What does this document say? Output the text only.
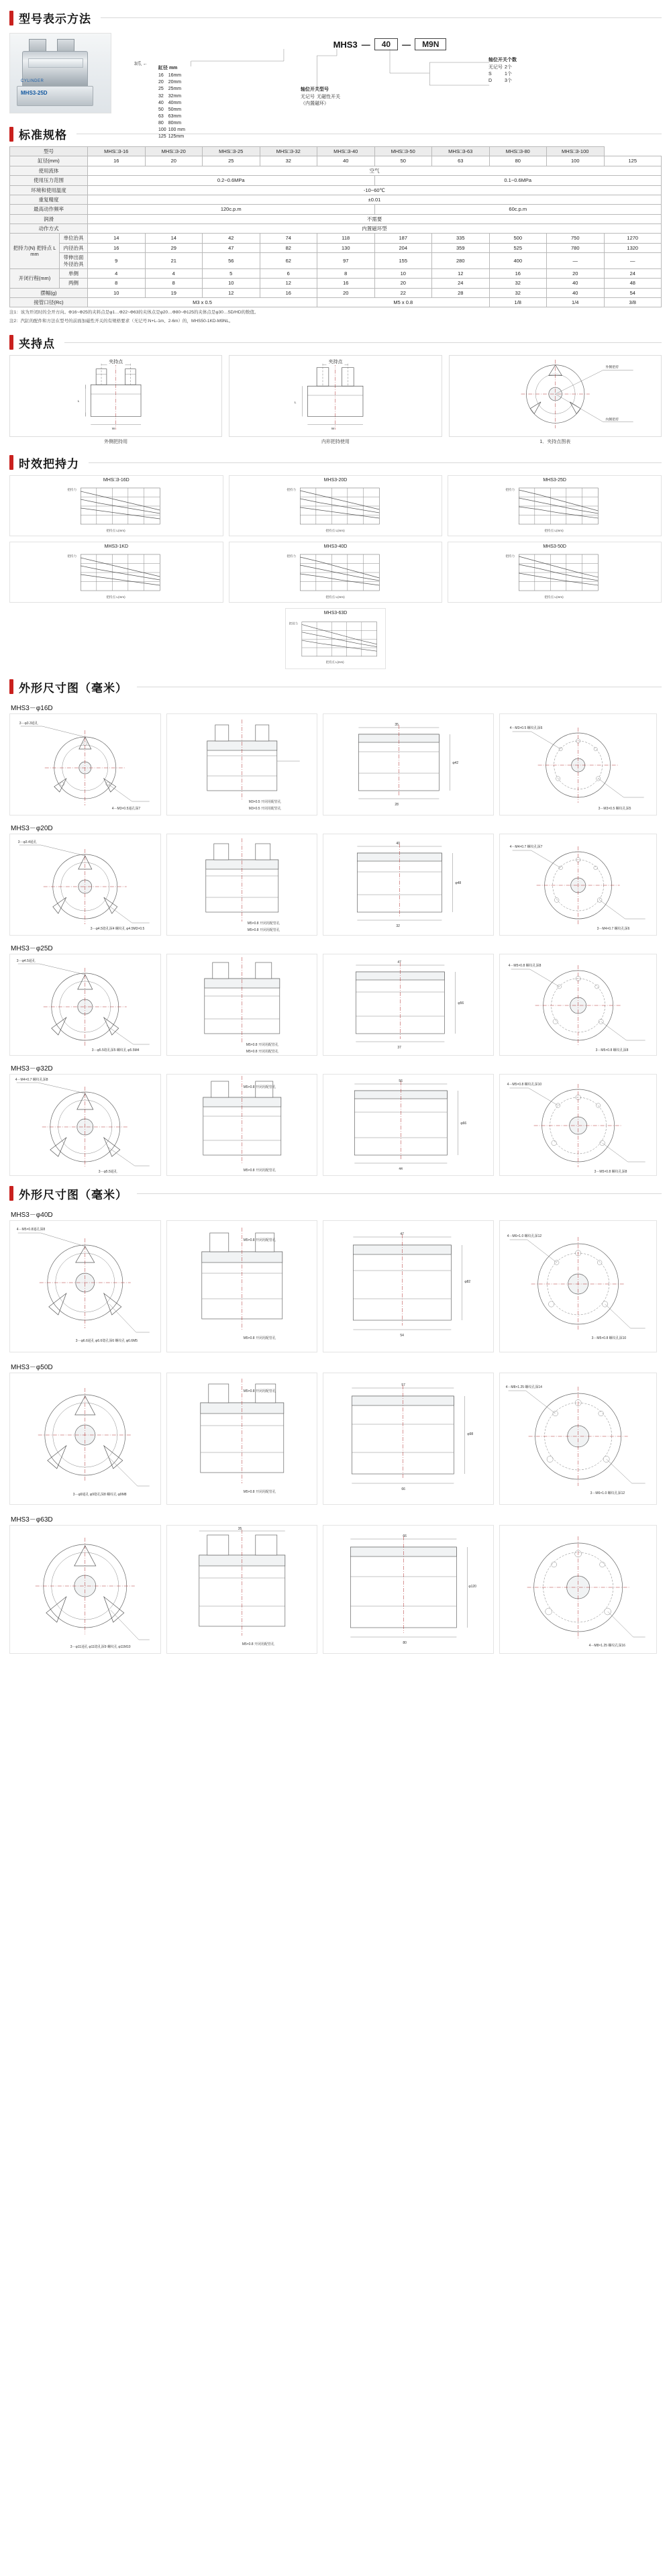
型号表示方法
CYLINDER
MHS3-25D
MHS3 —	40	—	M9N
缸径 mm
16	16mm
20	20mm
25	25mm
32	32mm
40	40mm
50	50mm
63	63mm
80	80mm
100	100 mm
125	125mm
3爪 ←
轴位开关型号
无记号	无磁性开关
（内置磁环）
轴位开关个数
无记号	2个
S	1个
D	3个
标准规格
型号		MHS□3-16	MHS□3-20	MHS□3-25	MHS□3-32	MHS□3-40	MHS□3-50	MHS□3-63	MHS□3-80	MHS□3-100	
缸径(mm)		16	20	25	32	40	50	63	80	100	125
使用流体		空气									
使用压力范围		0.2~0.6MPa					0.1~0.6MPa				
环境和使用温度		-10~60℃									
重复精度		±0.01									
最高动作频率		120c.p.m					60c.p.m				
润滑		不需要									
动作方式		内置磁环型									
把持力(N) 把持点 L mm	单位治具	14	14	42	74	118	187	335	500	750	1270
	内径治具	16	29	47	82	130	204	359	525	780	1320
	带伸出面外径治具	9	21	56	62	97	155	280	400	—	—
开闭行程(mm)	单侧	4	4	5	6	8	10	12	16	20	24
	两侧	8	8	10	12	16	20	24	32	40	48
摆幅(g)		10	19	12	16	20	22	28	32	40	54
接管口径(Rc)		M3 x 0.5				M5 x 0.8			1/8	1/4	3/8
注1：该为开闭时的全开方向。Φ16~Φ25的夹料点是φ1…Φ22~Φ63的夹体点是φ20…Φ80~Φ125的夹体点是φ30…SD/HD的数值。
注2：汽缸的配件和方法在型号的前面加磁性开关的有规格要求（无记号:N+L-1m、2-6m）的，MHS50-1KD-M9NL。
夹持点
夹持点
L
W
外侧把持用
夹持点
L
W
内形把持使用
外侧把持
内侧把持
1．夹持点图表
时效把持力
MHS□3-16D
把持力
把持点 L(mm)
MHS3-20D
把持力
把持点 L(mm)
MHS3-25D
把持力
把持点 L(mm)
MHS3-1KD
把持力
把持点 L(mm)
MHS3-40D
把持力
把持点 L(mm)
MHS3-50D
把持力
把持点 L(mm)
MHS3-63D
把持力
把持点 L(mm)
外形尺寸图（毫米）
MHS3－φ16D
3－φ3.3通孔
4－M3×0.5通孔深7
M3×0.5 开闭用配管孔
M3×0.5 开闭用配管孔
35
φ42
28
3－M3×0.5 螺纹孔深5
4－M3×0.5 螺纹孔深6
MHS3－φ20D
3－φ3.4通孔
3－φ4.5锪孔深4 螺纹孔 φ4.5M3×0.5
M5×0.8 开闭用配管孔
M5×0.8 开闭用配管孔
40
φ48
32
3－M4×0.7 螺纹孔深6
4－M4×0.7 螺纹孔深7
MHS3－φ25D
3－φ4.5通孔
3－φ5.5锪孔深5 螺纹孔 φ5.5M4
M5×0.8 开闭用配管孔
M5×0.8 开闭用配管孔
47
φ56
37
3－M5×0.8 螺纹孔深8
4－M5×0.8 螺纹孔深8
MHS3－φ32D
4－M4×0.7 螺纹孔深8
3－φ5.5通孔
M5×0.8 开闭用配管孔
M5×0.8 开闭用配管孔
56
φ66
44
3－M5×0.8 螺纹孔深8
4－M5×0.8 螺纹孔深10
外形尺寸图（毫米）
MHS3－φ40D
4－M5×0.8通孔深8
3－φ6.6通孔 φ6.6锪孔深6 螺纹孔 φ6.6M5
M5×0.8 开闭用配管孔
M5×0.8 开闭用配管孔
47
φ82
54
3－M5×0.8 螺纹孔深10
4－M6×1.0 螺纹孔深12
MHS3－φ50D
3－φ9通孔 φ9锪孔深8 螺纹孔 φ9M8
M5×0.8 开闭用配管孔
M5×0.8 开闭用配管孔
57
φ98
66
3－M6×1.0 螺纹孔深12
4－M8×1.25 螺纹孔深14
MHS3－φ63D
3－φ11通孔 φ11锪孔深9 螺纹孔 φ11M10
35
M5×0.8 开闭用配管孔
66
φ120
80
4－M8×1.25 螺纹孔深16
